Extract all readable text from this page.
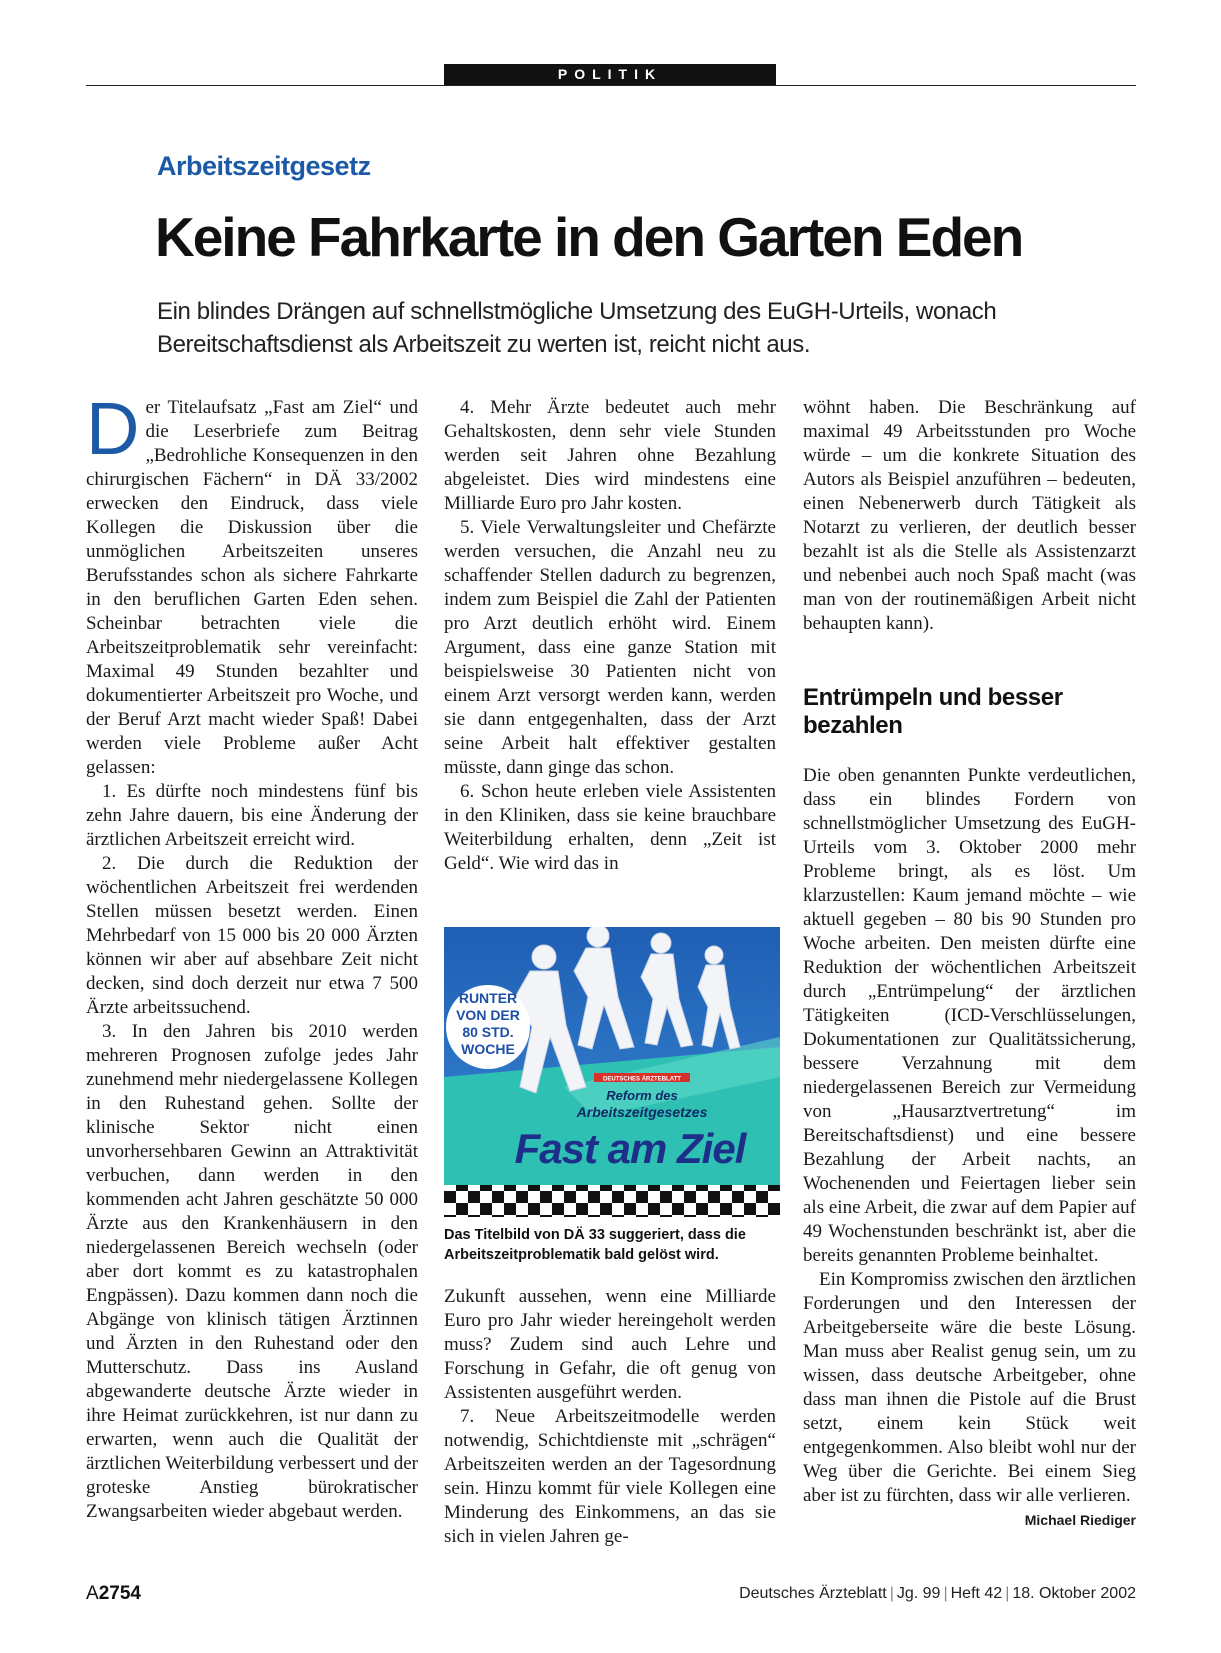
POLITIK
Arbeitszeitgesetz
Keine Fahrkarte in den Garten Eden
Ein blindes Drängen auf schnellstmögliche Umsetzung des EuGH-Urteils, wonach Bereitschaftsdienst als Arbeitszeit zu werten ist, reicht nicht aus.
D er Titelaufsatz „Fast am Ziel“ und die Leserbriefe zum Beitrag „Bedrohliche Konsequenzen in den chirurgischen Fächern“ in DÄ 33/2002 erwecken den Eindruck, dass viele Kollegen die Diskussion über die unmöglichen Arbeitszeiten unseres Berufsstandes schon als sichere Fahrkarte in den beruflichen Garten Eden sehen. Scheinbar betrachten viele die Arbeitszeitproblematik sehr vereinfacht: Maximal 49 Stunden bezahlter und dokumentierter Arbeitszeit pro Woche, und der Beruf Arzt macht wieder Spaß! Dabei werden viele Probleme außer Acht gelassen:

1. Es dürfte noch mindestens fünf bis zehn Jahre dauern, bis eine Änderung der ärztlichen Arbeitszeit erreicht wird.

2. Die durch die Reduktion der wöchentlichen Arbeitszeit frei werdenden Stellen müssen besetzt werden. Einen Mehrbedarf von 15 000 bis 20 000 Ärzten können wir aber auf absehbare Zeit nicht decken, sind doch derzeit nur etwa 7 500 Ärzte arbeitssuchend.

3. In den Jahren bis 2010 werden mehreren Prognosen zufolge jedes Jahr zunehmend mehr niedergelassene Kollegen in den Ruhestand gehen. Sollte der klinische Sektor nicht einen unvorhersehbaren Gewinn an Attraktivität verbuchen, dann werden in den kommenden acht Jahren geschätzte 50 000 Ärzte aus den Krankenhäusern in den niedergelassenen Bereich wechseln (oder aber dort kommt es zu katastrophalen Engpässen). Dazu kommen dann noch die Abgänge von klinisch tätigen Ärztinnen und Ärzten in den Ruhestand oder den Mutterschutz. Dass ins Ausland abgewanderte deutsche Ärzte wieder in ihre Heimat zurückkehren, ist nur dann zu erwarten, wenn auch die Qualität der ärztlichen Weiterbildung verbessert und der groteske Anstieg bürokratischer Zwangsarbeiten wieder abgebaut werden.

4. Mehr Ärzte bedeutet auch mehr Gehaltskosten, denn sehr viele Stunden werden seit Jahren ohne Bezahlung abgeleistet. Dies wird mindestens eine Milliarde Euro pro Jahr kosten.

5. Viele Verwaltungsleiter und Chefärzte werden versuchen, die Anzahl neu zu schaffender Stellen dadurch zu begrenzen, indem zum Beispiel die Zahl der Patienten pro Arzt deutlich erhöht wird. Einem Argument, dass eine ganze Station mit beispielsweise 30 Patienten nicht von einem Arzt versorgt werden kann, werden sie dann entgegenhalten, dass der Arzt seine Arbeit halt effektiver gestalten müsste, dann ginge das schon.

6. Schon heute erleben viele Assistenten in den Kliniken, dass sie keine brauchbare Weiterbildung erhalten, denn „Zeit ist Geld“. Wie wird das in

RUNTER
VON DER
80 STD.
WOCHE
DEUTSCHES ÄRZTEBLATT
Reform des
Arbeitszeitgesetzes
Fast am Ziel
Das Titelbild von DÄ 33 suggeriert, dass die Arbeitszeitproblematik bald gelöst wird.

Zukunft aussehen, wenn eine Milliarde Euro pro Jahr wieder hereingeholt werden muss? Zudem sind auch Lehre und Forschung in Gefahr, die oft genug von Assistenten ausgeführt werden.

7. Neue Arbeitszeitmodelle werden notwendig, Schichtdienste mit „schrägen“ Arbeitszeiten werden an der Tagesordnung sein. Hinzu kommt für viele Kollegen eine Minderung des Einkommens, an das sie sich in vielen Jahren ge-

wöhnt haben. Die Beschränkung auf maximal 49 Arbeitsstunden pro Woche würde – um die konkrete Situation des Autors als Beispiel anzuführen – bedeuten, einen Nebenerwerb durch Tätigkeit als Notarzt zu verlieren, der deutlich besser bezahlt ist als die Stelle als Assistenzarzt und nebenbei auch noch Spaß macht (was man von der routinemäßigen Arbeit nicht behaupten kann).

Entrümpeln und besser bezahlen

Die oben genannten Punkte verdeutlichen, dass ein blindes Fordern von schnellstmöglicher Umsetzung des EuGH-Urteils vom 3. Oktober 2000 mehr Probleme bringt, als es löst. Um klarzustellen: Kaum jemand möchte – wie aktuell gegeben – 80 bis 90 Stunden pro Woche arbeiten. Den meisten dürfte eine Reduktion der wöchentlichen Arbeitszeit durch „Entrümpelung“ der ärztlichen Tätigkeiten (ICD-Verschlüsselungen, Dokumentationen zur Qualitätssicherung, bessere Verzahnung mit dem niedergelassenen Bereich zur Vermeidung von „Hausarztvertretung“ im Bereitschaftsdienst) und eine bessere Bezahlung der Arbeit nachts, an Wochenenden und Feiertagen lieber sein als eine Arbeit, die zwar auf dem Papier auf 49 Wochenstunden beschränkt ist, aber die bereits genannten Probleme beinhaltet.

Ein Kompromiss zwischen den ärztlichen Forderungen und den Interessen der Arbeitgeberseite wäre die beste Lösung. Man muss aber Realist genug sein, um zu wissen, dass deutsche Arbeitgeber, ohne dass man ihnen die Pistole auf die Brust setzt, einem kein Stück weit entgegenkommen. Also bleibt wohl nur der Weg über die Gerichte. Bei einem Sieg aber ist zu fürchten, dass wir alle verlieren.
Michael Riediger

A2754	Deutsches Ärzteblatt | Jg. 99 | Heft 42 | 18. Oktober 2002
